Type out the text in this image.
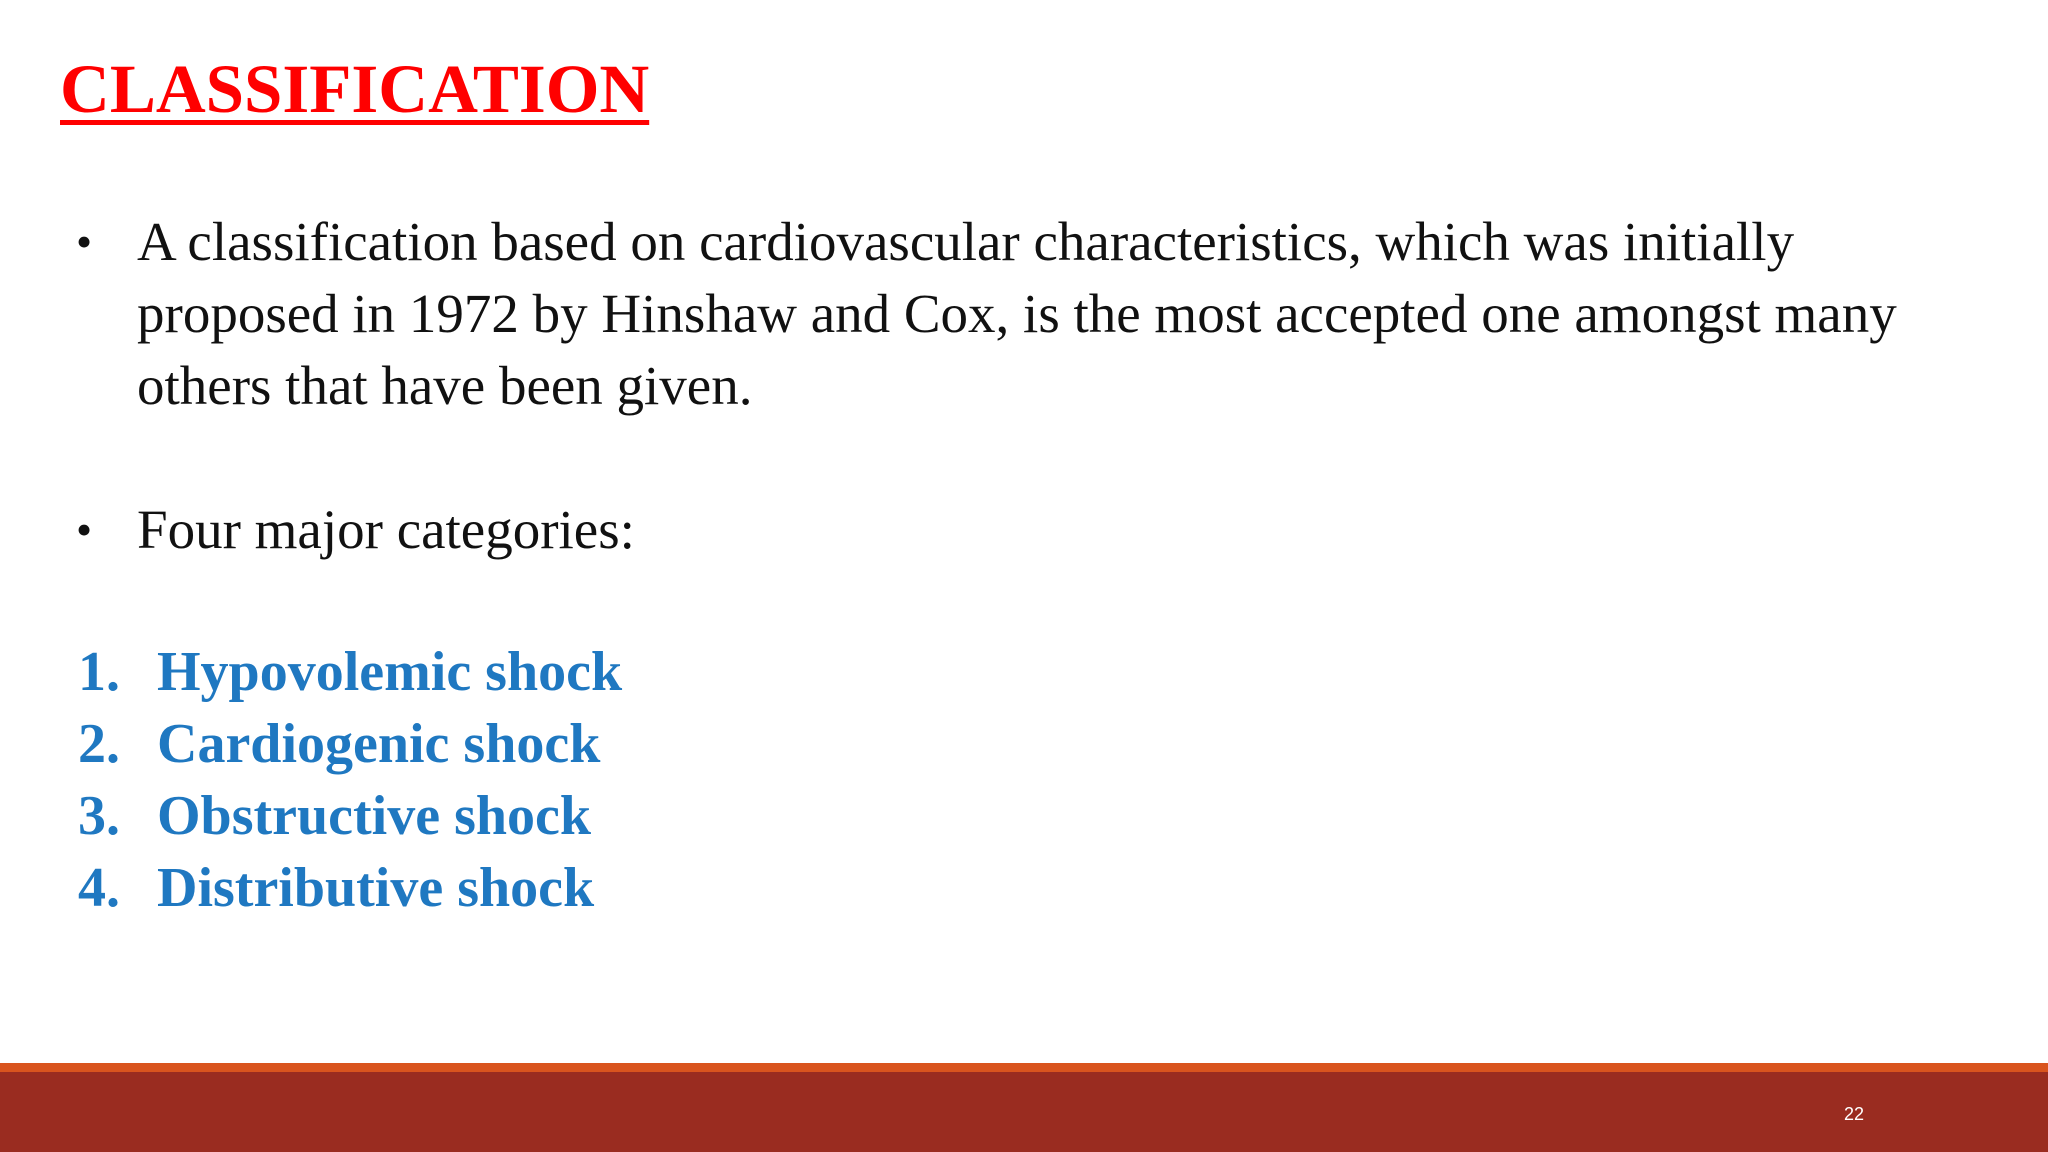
CLASSIFICATION
• A classification based on cardiovascular characteristics, which was initially proposed in 1972 by Hinshaw and Cox, is the most accepted one amongst many others that have been given.
• Four major categories:
1. Hypovolemic shock
2. Cardiogenic shock
3. Obstructive shock
4. Distributive shock
22
